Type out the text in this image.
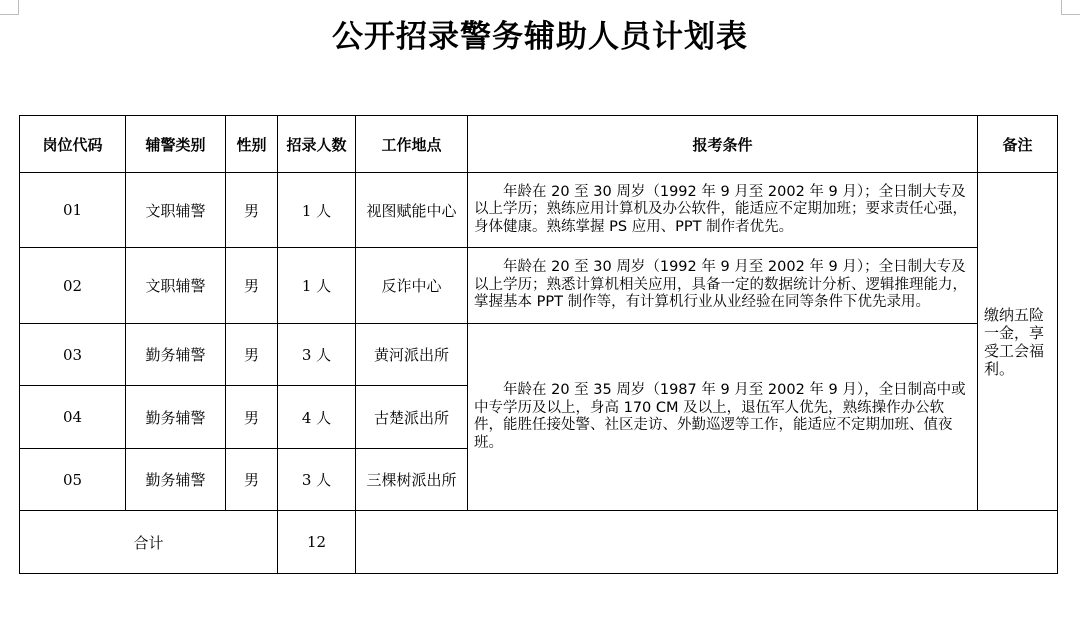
公开招录警务辅助人员计划表
岗位代码	辅警类别	性别	招录人数	工作地点	报考条件	备注
01	文职辅警	男	1 人	视图赋能中心	年龄在 20 至 30 周岁（1992 年 9 月至 2002 年 9 月）；全日制大专及以上学历；熟练应用计算机及办公软件，能适应不定期加班；要求责任心强，身体健康。熟练掌握 PS 应用、PPT 制作者优先。	缴纳五险一金，享受工会福利。
02	文职辅警	男	1 人	反诈中心	年龄在 20 至 30 周岁（1992 年 9 月至 2002 年 9 月）；全日制大专及以上学历；熟悉计算机相关应用，具备一定的数据统计分析、逻辑推理能力，掌握基本 PPT 制作等，有计算机行业从业经验在同等条件下优先录用。	
03	勤务辅警	男	3 人	黄河派出所	年龄在 20 至 35 周岁（1987 年 9 月至 2002 年 9 月），全日制高中或中专学历及以上，身高 170 CM 及以上，退伍军人优先，熟练操作办公软件，能胜任接处警、社区走访、外勤巡逻等工作，能适应不定期加班、值夜班。	
04	勤务辅警	男	4 人	古楚派出所		
05	勤务辅警	男	3 人	三棵树派出所		
合计			12			
